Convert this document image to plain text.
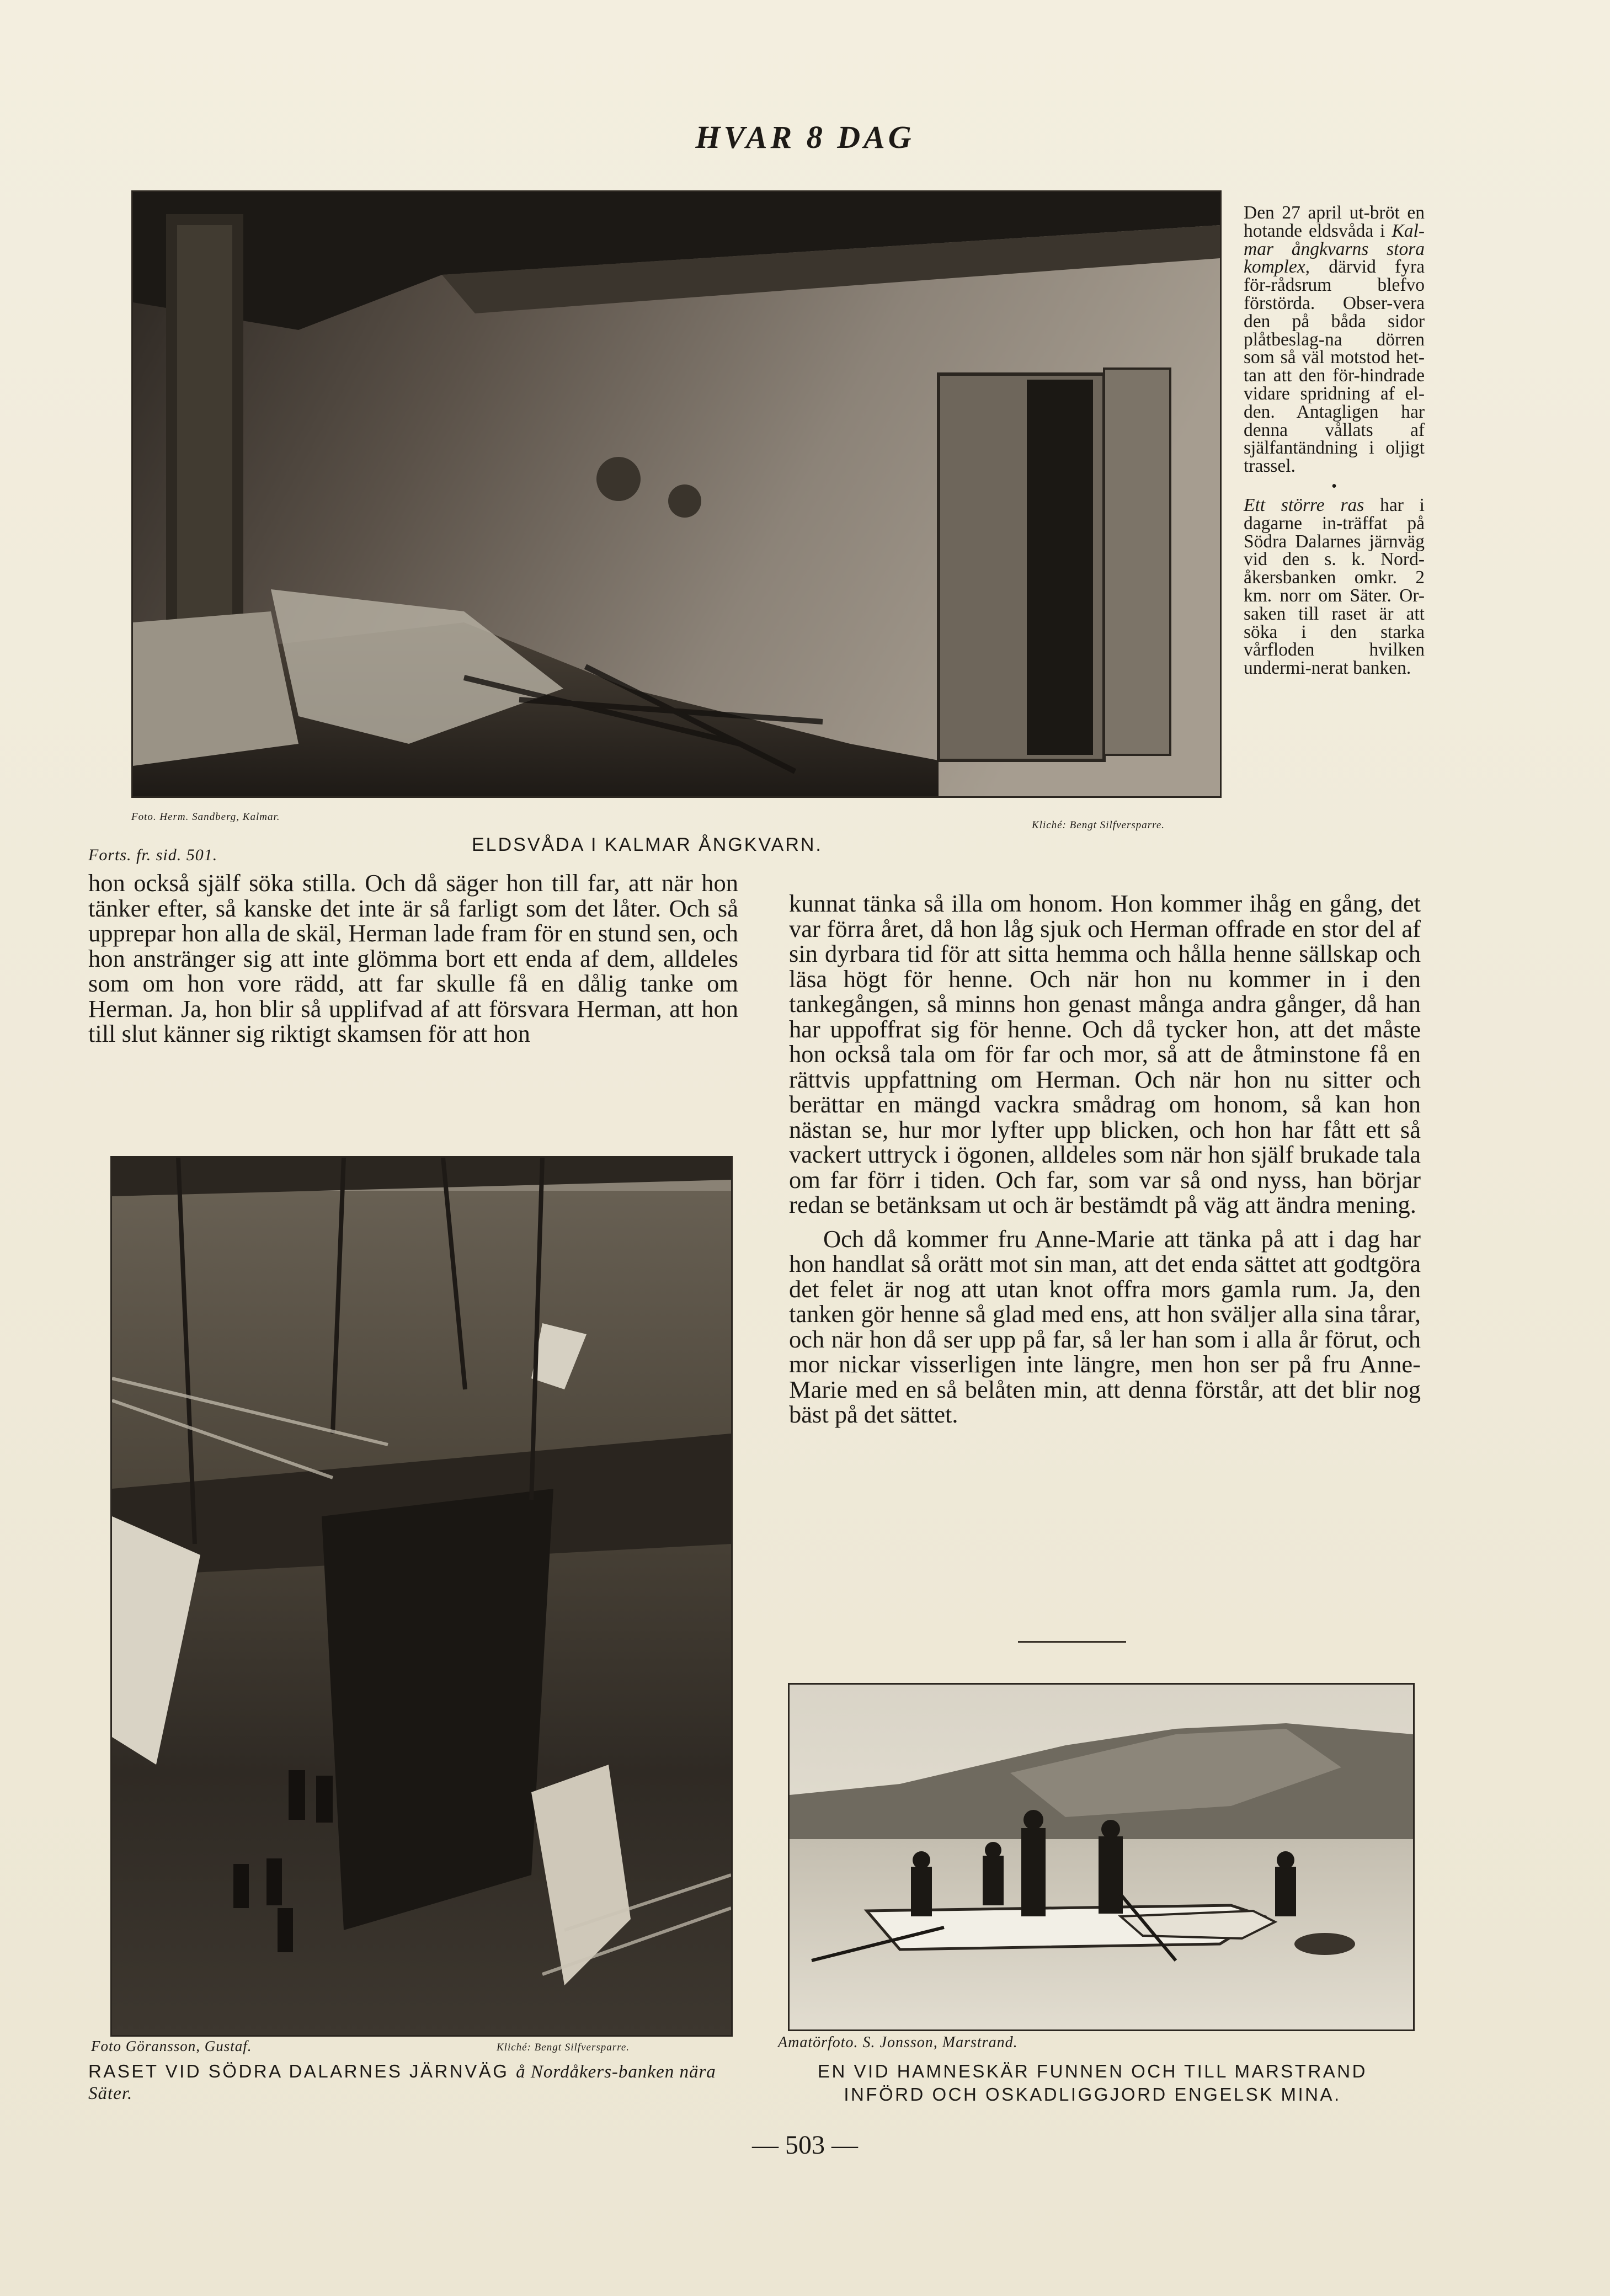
HVAR 8 DAG
Foto. Herm. Sandberg, Kalmar.
ELDSVÅDA I KALMAR ÅNGKVARN.
Kliché: Bengt Silfversparre.

Den 27 april ut-bröt en hotande eldsvåda i Kal-mar ångkvarns stora komplex, därvid fyra för-rådsrum blefvo förstörda. Obser-vera den på båda sidor plåtbeslag-na dörren som så väl motstod het-tan att den för-hindrade vidare spridning af el-den. Antagligen har denna vållats af själfantändning i oljigt trassel.

•

Ett större ras har i dagarne in-träffat på Södra Dalarnes järnväg vid den s. k. Nord-åkersbanken omkr. 2 km. norr om Säter. Or-saken till raset är att söka i den starka vårfloden hvilken undermi-nerat banken.

Forts. fr. sid. 501.

hon också själf söka stilla. Och då säger hon till far, att när hon tänker efter, så kanske det inte är så farligt som det låter. Och så upprepar hon alla de skäl, Herman lade fram för en stund sen, och hon anstränger sig att inte glömma bort ett enda af dem, alldeles som om hon vore rädd, att far skulle få en dålig tanke om Herman. Ja, hon blir så upplifvad af att försvara Herman, att hon till slut känner sig riktigt skamsen för att hon

kunnat tänka så illa om honom. Hon kommer ihåg en gång, det var förra året, då hon låg sjuk och Herman offrade en stor del af sin dyrbara tid för att sitta hemma och hålla henne sällskap och läsa högt för henne. Och när hon nu kommer in i den tankegången, så minns hon genast många andra gånger, då han har uppoffrat sig för henne. Och då tycker hon, att det måste hon också tala om för far och mor, så att de åtminstone få en rättvis uppfattning om Herman. Och när hon nu sitter och berättar en mängd vackra smådrag om honom, så kan hon nästan se, hur mor lyfter upp blicken, och hon har fått ett så vackert uttryck i ögonen, alldeles som när hon själf brukade tala om far förr i tiden. Och far, som var så ond nyss, han börjar redan se betänksam ut och är bestämdt på väg att ändra mening.

Och då kommer fru Anne-Marie att tänka på att i dag har hon handlat så orätt mot sin man, att det enda sättet att godtgöra det felet är nog att utan knot offra mors gamla rum. Ja, den tanken gör henne så glad med ens, att hon sväljer alla sina tårar, och när hon då ser upp på far, så ler han som i alla år förut, och mor nickar visserligen inte längre, men hon ser på fru Anne-Marie med en så belåten min, att denna förstår, att det blir nog bäst på det sättet.

Foto Göransson, Gustaf.	Kliché: Bengt Silfversparre.
RASET VID SÖDRA DALARNES JÄRNVÄG å Nordåkers-banken nära Säter.
Amatörfoto. S. Jonsson, Marstrand.
EN VID HAMNESKÄR FUNNEN OCH TILL MARSTRAND
INFÖRD OCH OSKADLIGGJORD ENGELSK MINA.
— 503 —
